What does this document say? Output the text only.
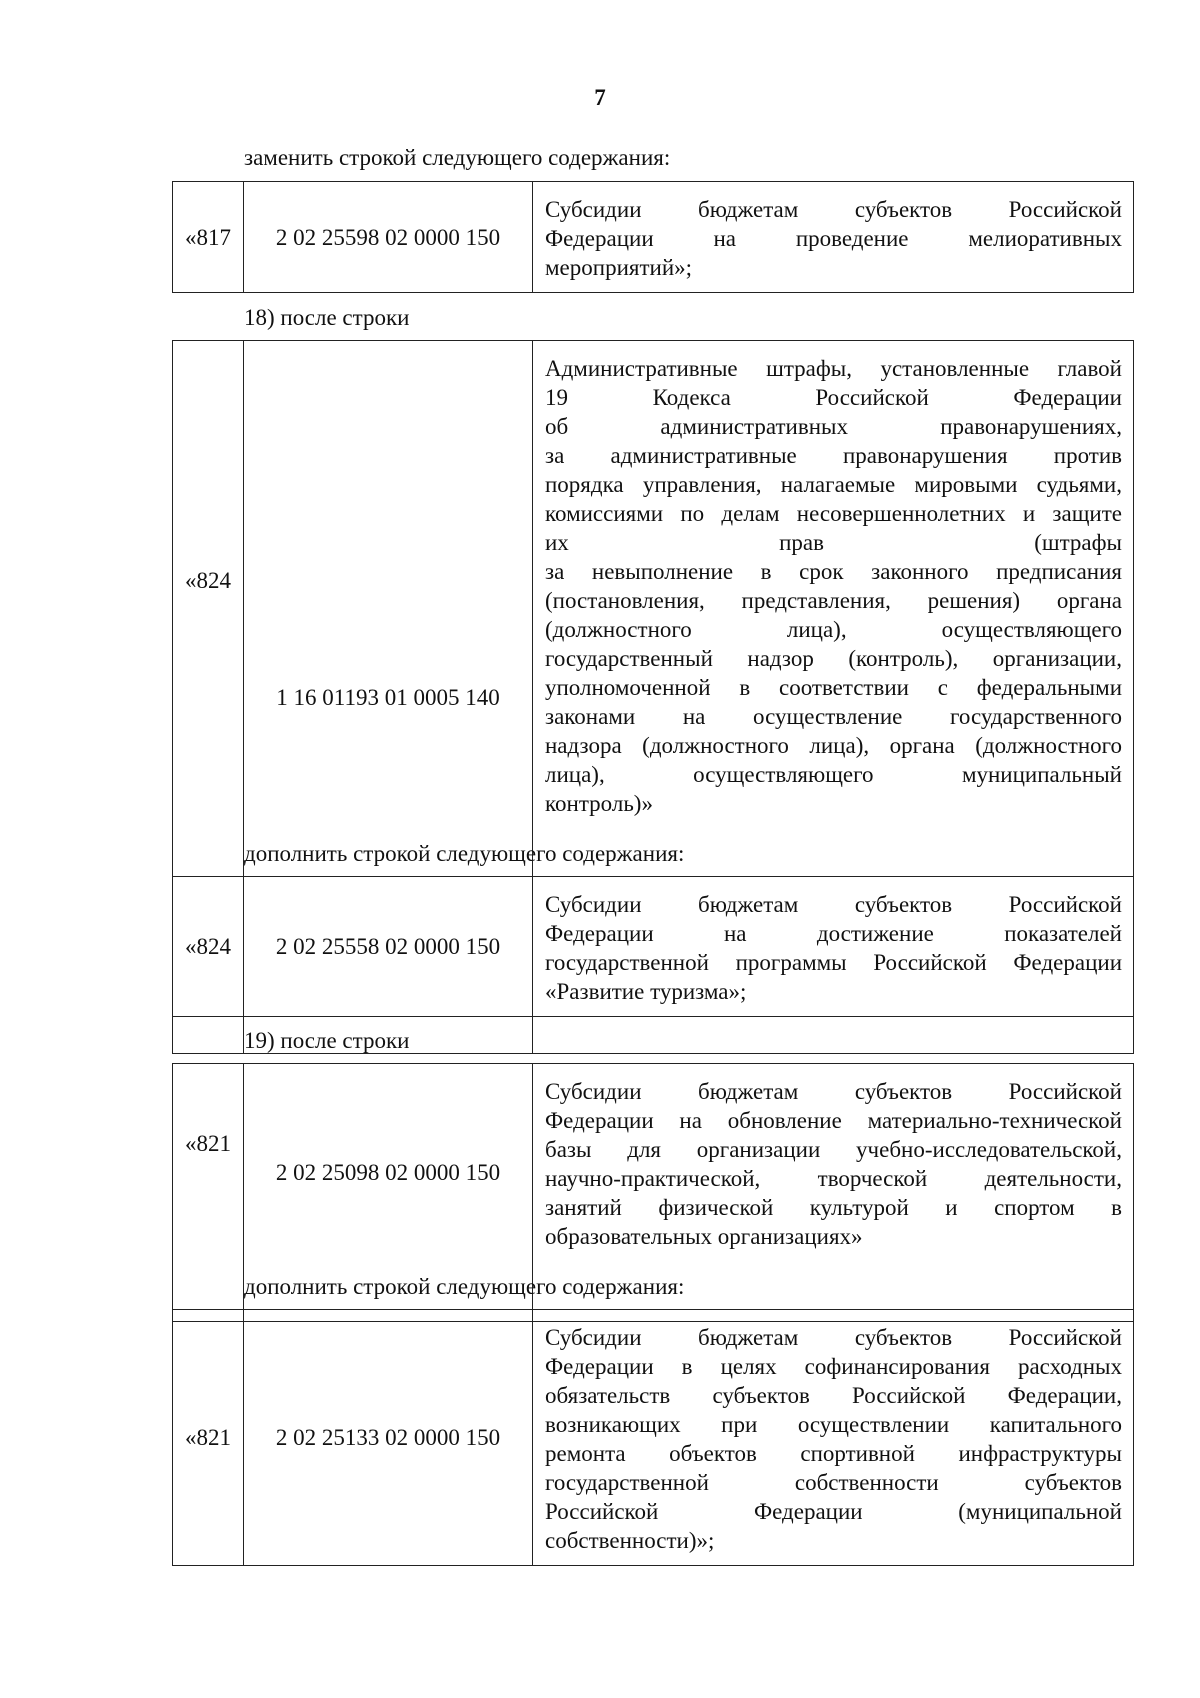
7
заменить строкой следующего содержания:
«817	2 02 25598 02 0000 150	
Субсидии бюджетам субъектов Российской
Федерации на проведение мелиоративных
мероприятий»;
18) после строки
«824	1 16 01193 01 0005 140	
Административные штрафы, установленные главой
19 Кодекса Российской Федерации
об административных правонарушениях,
за административные правонарушения против
порядка управления, налагаемые мировыми судьями,
комиссиями по делам несовершеннолетних и защите
их прав (штрафы
за невыполнение в срок законного предписания
(постановления, представления, решения) органа
(должностного лица), осуществляющего
государственный надзор (контроль), организации,
уполномоченной в соответствии с федеральными
законами на осуществление государственного
надзора (должностного лица), органа (должностного
лица), осуществляющего муниципальный
контроль)»
дополнить строкой следующего содержания:
«824	2 02 25558 02 0000 150	
Субсидии бюджетам субъектов Российской
Федерации на достижение показателей
государственной программы Российской Федерации
«Развитие туризма»;
19) после строки
«821	2 02 25098 02 0000 150	
Субсидии бюджетам субъектов Российской
Федерации на обновление материально-технической
базы для организации учебно-исследовательской,
научно-практической, творческой деятельности,
занятий физической культурой и спортом в
образовательных организациях»
дополнить строкой следующего содержания:
«821	2 02 25133 02 0000 150	
Субсидии бюджетам субъектов Российской
Федерации в целях софинансирования расходных
обязательств субъектов Российской Федерации,
возникающих при осуществлении капитального
ремонта объектов спортивной инфраструктуры
государственной собственности субъектов
Российской Федерации (муниципальной
собственности)»;
